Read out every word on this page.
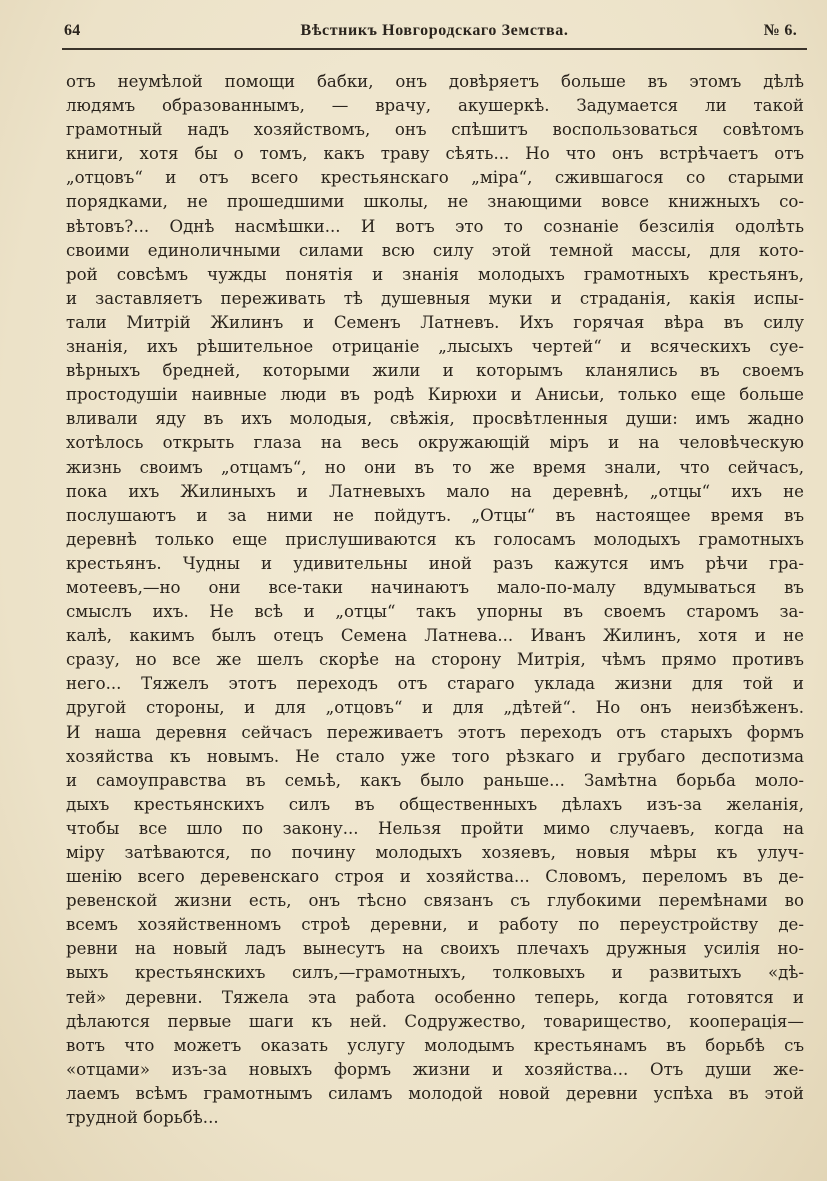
64	Вѣстникъ Новгородскаго Земства.	№ 6.
отъ неумѣлой помощи бабки, онъ довѣряетъ больше въ этомъ дѣлѣ
людямъ образованнымъ, — врачу, акушеркѣ. Задумается ли такой
грамотный надъ хозяйствомъ, онъ спѣшитъ воспользоваться совѣтомъ
книги, хотя бы о томъ, какъ траву сѣять... Но что онъ встрѣчаетъ отъ
„отцовъ“ и отъ всего крестьянскаго „міра“, сжившагося со старыми
порядками, не прошедшими школы, не знающими вовсе книжныхъ со-
вѣтовъ?... Однѣ насмѣшки... И вотъ это то сознаніе безсилія одолѣть
своими единоличными силами всю силу этой темной массы, для кото-
рой совсѣмъ чужды понятія и знанія молодыхъ грамотныхъ крестьянъ,
и заставляетъ переживать тѣ душевныя муки и страданія, какія испы-
тали Митрій Жилинъ и Семенъ Латневъ. Ихъ горячая вѣра въ силу
знанія, ихъ рѣшительное отрицаніе „лысыхъ чертей“ и всяческихъ суе-
вѣрныхъ бредней, которыми жили и которымъ кланялись въ своемъ
простодушіи наивные люди въ родѣ Кирюхи и Анисьи, только еще больше
вливали яду въ ихъ молодыя, свѣжія, просвѣтленныя души: имъ жадно
хотѣлось открыть глаза на весь окружающій міръ и на человѣческую
жизнь своимъ „отцамъ“, но они въ то же время знали, что сейчасъ,
пока ихъ Жилиныхъ и Латневыхъ мало на деревнѣ, „отцы“ ихъ не
послушаютъ и за ними не пойдутъ. „Отцы“ въ настоящее время въ
деревнѣ только еще прислушиваются къ голосамъ молодыхъ грамотныхъ
крестьянъ. Чудны и удивительны иной разъ кажутся имъ рѣчи гра-
мотеевъ,—но они все-таки начинаютъ мало-по-малу вдумываться въ
смыслъ ихъ. Не всѣ и „отцы“ такъ упорны въ своемъ старомъ за-
калѣ, какимъ былъ отецъ Семена Латнева... Иванъ Жилинъ, хотя и не
сразу, но все же шелъ скорѣе на сторону Митрія, чѣмъ прямо противъ
него... Тяжелъ этотъ переходъ отъ стараго уклада жизни для той и
другой стороны, и для „отцовъ“ и для „дѣтей“. Но онъ неизбѣженъ.
И наша деревня сейчасъ переживаетъ этотъ переходъ отъ старыхъ формъ
хозяйства къ новымъ. Не стало уже того рѣзкаго и грубаго деспотизма
и самоуправства въ семьѣ, какъ было раньше... Замѣтна борьба моло-
дыхъ крестьянскихъ силъ въ общественныхъ дѣлахъ изъ-за желанія,
чтобы все шло по закону... Нельзя пройти мимо случаевъ, когда на
міру затѣваются, по почину молодыхъ хозяевъ, новыя мѣры къ улуч-
шенію всего деревенскаго строя и хозяйства... Словомъ, переломъ въ де-
ревенской жизни есть, онъ тѣсно связанъ съ глубокими перемѣнами во
всемъ хозяйственномъ строѣ деревни, и работу по переустройству де-
ревни на новый ладъ вынесутъ на своихъ плечахъ дружныя усилія но-
выхъ крестьянскихъ силъ,—грамотныхъ, толковыхъ и развитыхъ «дѣ-
тей» деревни. Тяжела эта работа особенно теперь, когда готовятся и
дѣлаются первые шаги къ ней. Содружество, товарищество, кооперація—
вотъ что можетъ оказать услугу молодымъ крестьянамъ въ борьбѣ съ
«отцами» изъ-за новыхъ формъ жизни и хозяйства... Отъ души же-
лаемъ всѣмъ грамотнымъ силамъ молодой новой деревни успѣха въ этой
трудной борьбѣ...
